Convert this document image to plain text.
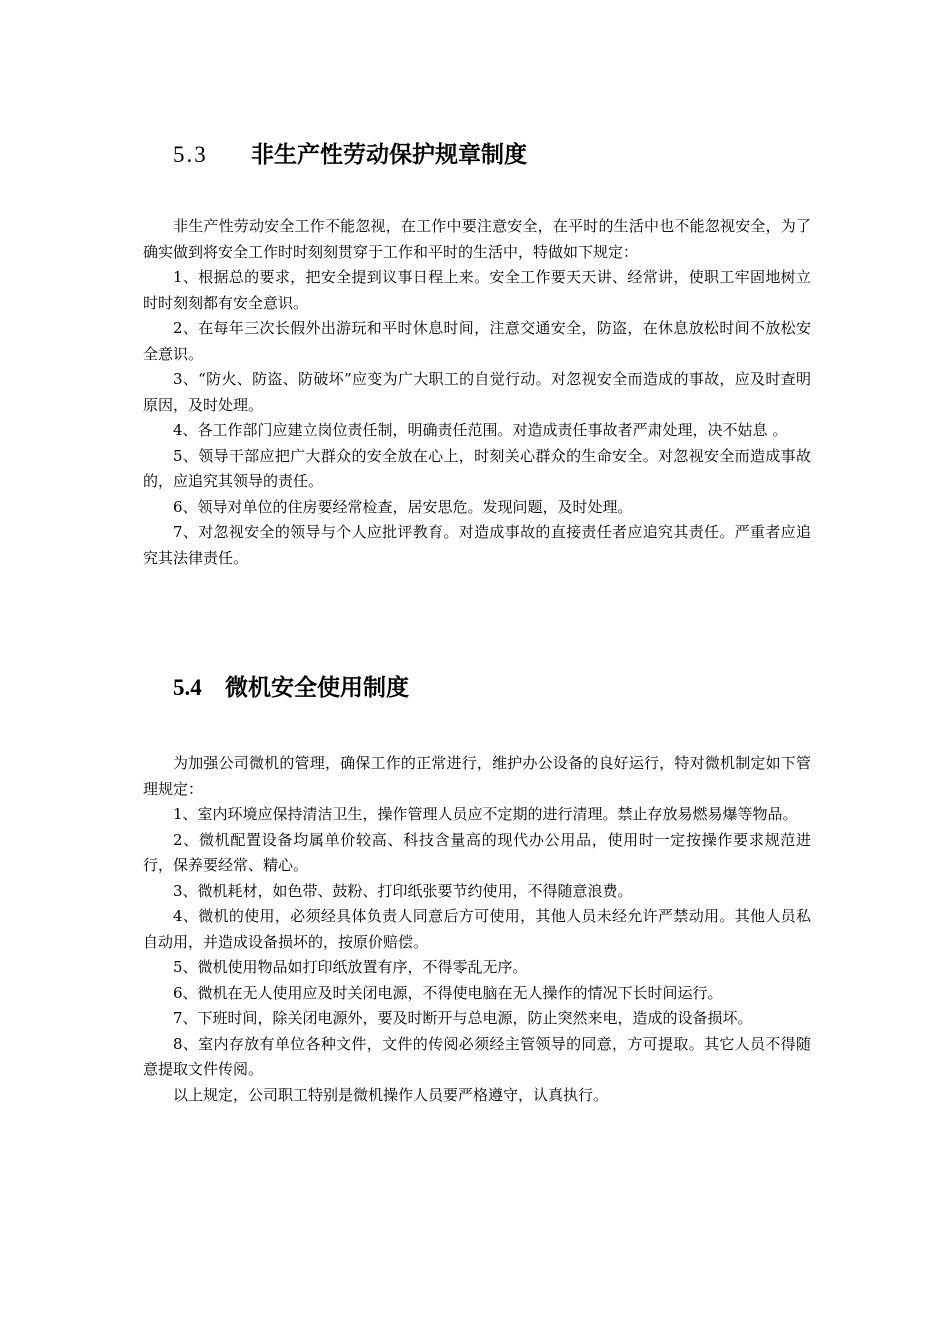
5.3 非生产性劳动保护规章制度

非生产性劳动安全工作不能忽视，在工作中要注意安全，在平时的生活中也不能忽视安全，为了确实做到将安全工作时时刻刻贯穿于工作和平时的生活中，特做如下规定：

1、根据总的要求，把安全提到议事日程上来。安全工作要天天讲、经常讲，使职工牢固地树立时时刻刻都有安全意识。

2、在每年三次长假外出游玩和平时休息时间，注意交通安全，防盗，在休息放松时间不放松安全意识。

3、“防火、防盗、防破坏”应变为广大职工的自觉行动。对忽视安全而造成的事故，应及时查明原因，及时处理。

4、各工作部门应建立岗位责任制，明确责任范围。对造成责任事故者严肃处理，决不姑息 。

5、领导干部应把广大群众的安全放在心上，时刻关心群众的生命安全。对忽视安全而造成事故的，应追究其领导的责任。

6、领导对单位的住房要经常检查，居安思危。发现问题，及时处理。

7、对忽视安全的领导与个人应批评教育。对造成事故的直接责任者应追究其责任。严重者应追究其法律责任。

5.4 微机安全使用制度

为加强公司微机的管理，确保工作的正常进行，维护办公设备的良好运行，特对微机制定如下管理规定：

1、室内环境应保持清洁卫生，操作管理人员应不定期的进行清理。禁止存放易燃易爆等物品。

2、微机配置设备均属单价较高、科技含量高的现代办公用品，使用时一定按操作要求规范进行，保养要经常、精心。

3、微机耗材，如色带、鼓粉、打印纸张要节约使用，不得随意浪费。

4、微机的使用，必须经具体负责人同意后方可使用，其他人员未经允许严禁动用。其他人员私自动用，并造成设备损坏的，按原价赔偿。

5、微机使用物品如打印纸放置有序，不得零乱无序。

6、微机在无人使用应及时关闭电源，不得使电脑在无人操作的情况下长时间运行。

7、下班时间，除关闭电源外，要及时断开与总电源，防止突然来电，造成的设备损坏。

8、室内存放有单位各种文件，文件的传阅必须经主管领导的同意，方可提取。其它人员不得随意提取文件传阅。

以上规定，公司职工特别是微机操作人员要严格遵守，认真执行。
